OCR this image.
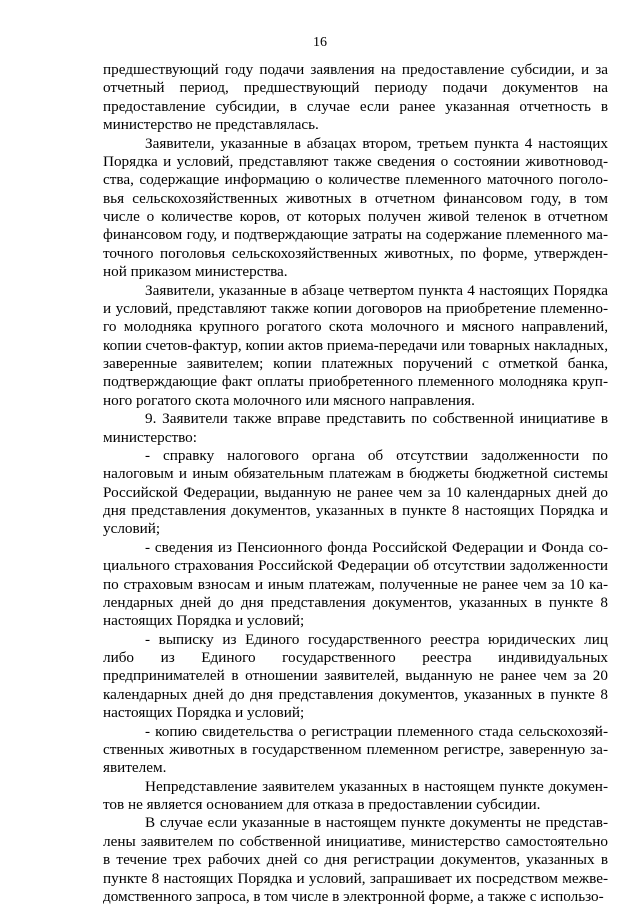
16

предшествующий году подачи заявления на предоставление субсидии, и за отчетный период, предшествующий периоду подачи документов на предоставление субсидии, в случае если ранее указанная отчетность в министерство не представлялась.

Заявители, указанные в абзацах втором, третьем пункта 4 настоящих Порядка и условий, представляют также сведения о состоянии животноводства, содержащие информацию о количестве племенного маточного поголовья сельскохозяйственных животных в отчетном финансовом году, в том числе о количестве коров, от которых получен живой теленок в отчетном финансовом году, и подтверждающие затраты на содержание племенного маточного поголовья сельскохозяйственных животных, по форме, утвержденной приказом министерства.

Заявители, указанные в абзаце четвертом пункта 4 настоящих Порядка и условий, представляют также копии договоров на приобретение племенного молодняка крупного рогатого скота молочного и мясного направлений, копии счетов-фактур, копии актов приема-передачи или товарных накладных, заверенные заявителем; копии платежных поручений с отметкой банка, подтверждающие факт оплаты приобретенного племенного молодняка крупного рогатого скота молочного или мясного направления.

9. Заявители также вправе представить по собственной инициативе в министерство:

- справку налогового органа об отсутствии задолженности по налоговым и иным обязательным платежам в бюджеты бюджетной системы Российской Федерации, выданную не ранее чем за 10 календарных дней до дня представления документов, указанных в пункте 8 настоящих Порядка и условий;

- сведения из Пенсионного фонда Российской Федерации и Фонда социального страхования Российской Федерации об отсутствии задолженности по страховым взносам и иным платежам, полученные не ранее чем за 10 календарных дней до дня представления документов, указанных в пункте 8 настоящих Порядка и условий;

- выписку из Единого государственного реестра юридических лиц либо из Единого государственного реестра индивидуальных предпринимателей в отношении заявителей, выданную не ранее чем за 20 календарных дней до дня представления документов, указанных в пункте 8 настоящих Порядка и условий;

- копию свидетельства о регистрации племенного стада сельскохозяйственных животных в государственном племенном регистре, заверенную заявителем.

Непредставление заявителем указанных в настоящем пункте документов не является основанием для отказа в предоставлении субсидии.

В случае если указанные в настоящем пункте документы не представлены заявителем по собственной инициативе, министерство самостоятельно в течение трех рабочих дней со дня регистрации документов, указанных в пункте 8 настоящих Порядка и условий, запрашивает их посредством межведомственного запроса, в том числе в электронной форме, а также с использо-
